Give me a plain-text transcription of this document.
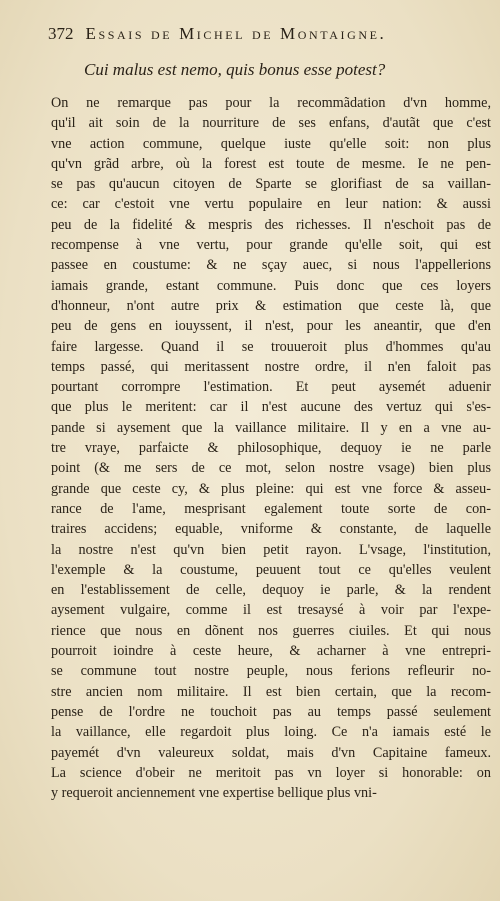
372 Essais de Michel de Montaigne.
Cui malus est nemo, quis bonus esse potest?
On ne remarque pas pour la recommãdation d'vn homme,
qu'il ait soin de la nourriture de ses enfans, d'autãt que c'est
vne action commune, quelque iuste qu'elle soit: non plus
qu'vn grãd arbre, où la forest est toute de mesme. Ie ne pen-
se pas qu'aucun citoyen de Sparte se glorifiast de sa vaillan-
ce: car c'estoit vne vertu populaire en leur nation: & aussi
peu de la fidelité & mespris des richesses. Il n'eschoit pas de
recompense à vne vertu, pour grande qu'elle soit, qui est
passee en coustume: & ne sçay auec, si nous l'appellerions
iamais grande, estant commune. Puis donc que ces loyers
d'honneur, n'ont autre prix & estimation que ceste là, que
peu de gens en iouyssent, il n'est, pour les aneantir, que d'en
faire largesse. Quand il se trouueroit plus d'hommes qu'au
temps passé, qui meritassent nostre ordre, il n'en faloit pas
pourtant corrompre l'estimation. Et peut aysemét aduenir
que plus le meritent: car il n'est aucune des vertuz qui s'es-
pande si aysement que la vaillance militaire. Il y en a vne au-
tre vraye, parfaicte & philosophique, dequoy ie ne parle
point (& me sers de ce mot, selon nostre vsage) bien plus
grande que ceste cy, & plus pleine: qui est vne force & asseu-
rance de l'ame, mesprisant egalement toute sorte de con-
traires accidens; equable, vniforme & constante, de laquelle
la nostre n'est qu'vn bien petit rayon. L'vsage, l'institution,
l'exemple & la coustume, peuuent tout ce qu'elles veulent
en l'establissement de celle, dequoy ie parle, & la rendent
aysement vulgaire, comme il est tresaysé à voir par l'expe-
rience que nous en dõnent nos guerres ciuiles. Et qui nous
pourroit ioindre à ceste heure, & acharner à vne entrepri-
se commune tout nostre peuple, nous ferions refleurir no-
stre ancien nom militaire. Il est bien certain, que la recom-
pense de l'ordre ne touchoit pas au temps passé seulement
la vaillance, elle regardoit plus loing. Ce n'a iamais esté le
payemét d'vn valeureux soldat, mais d'vn Capitaine fameux.
La science d'obeir ne meritoit pas vn loyer si honorable: on
y requeroit anciennement vne expertise bellique plus vni-
